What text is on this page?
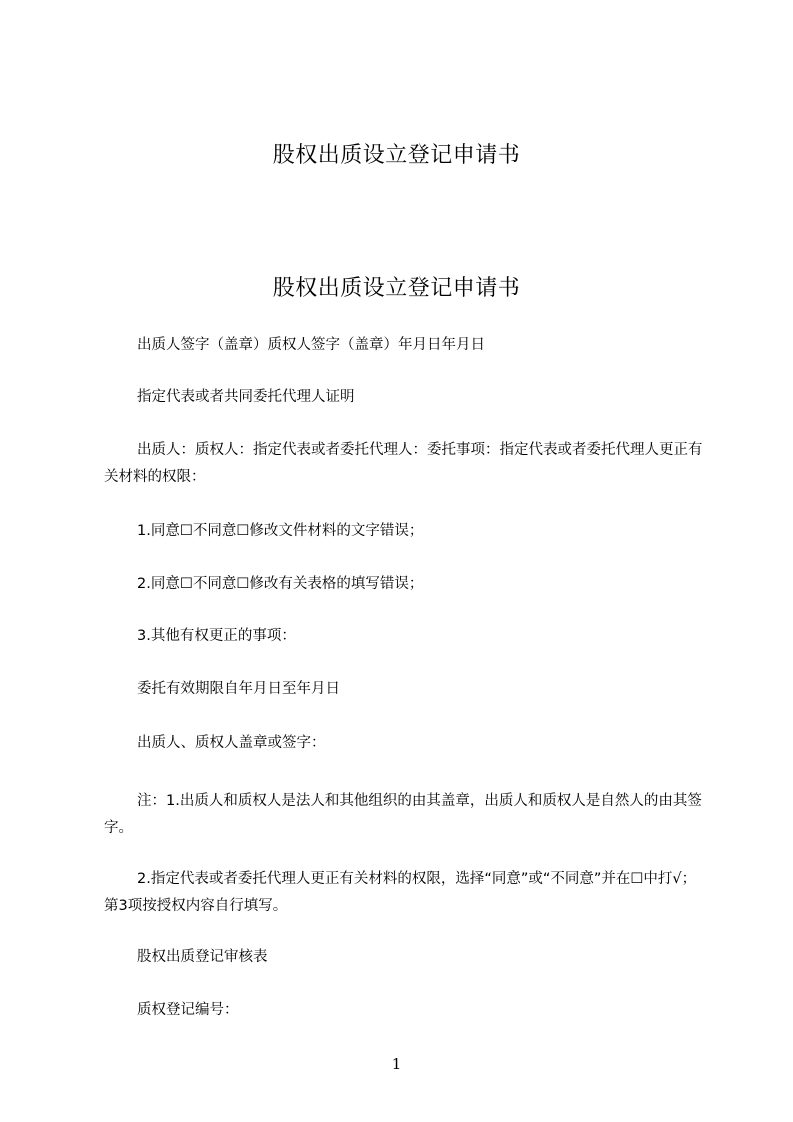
股权出质设立登记申请书
股权出质设立登记申请书

出质人签字（盖章）质权人签字（盖章）年月日年月日

指定代表或者共同委托代理人证明

出质人：质权人：指定代表或者委托代理人：委托事项：指定代表或者委托代理人更正有关材料的权限：

1.同意☐不同意☐修改文件材料的文字错误；

2.同意☐不同意☐修改有关表格的填写错误；

3.其他有权更正的事项：

委托有效期限自年月日至年月日

出质人、质权人盖章或签字：

注：1.出质人和质权人是法人和其他组织的由其盖章，出质人和质权人是自然人的由其签字。

2.指定代表或者委托代理人更正有关材料的权限，选择“同意”或“不同意”并在☐中打√；第3项按授权内容自行填写。

股权出质登记审核表

质权登记编号：

1
